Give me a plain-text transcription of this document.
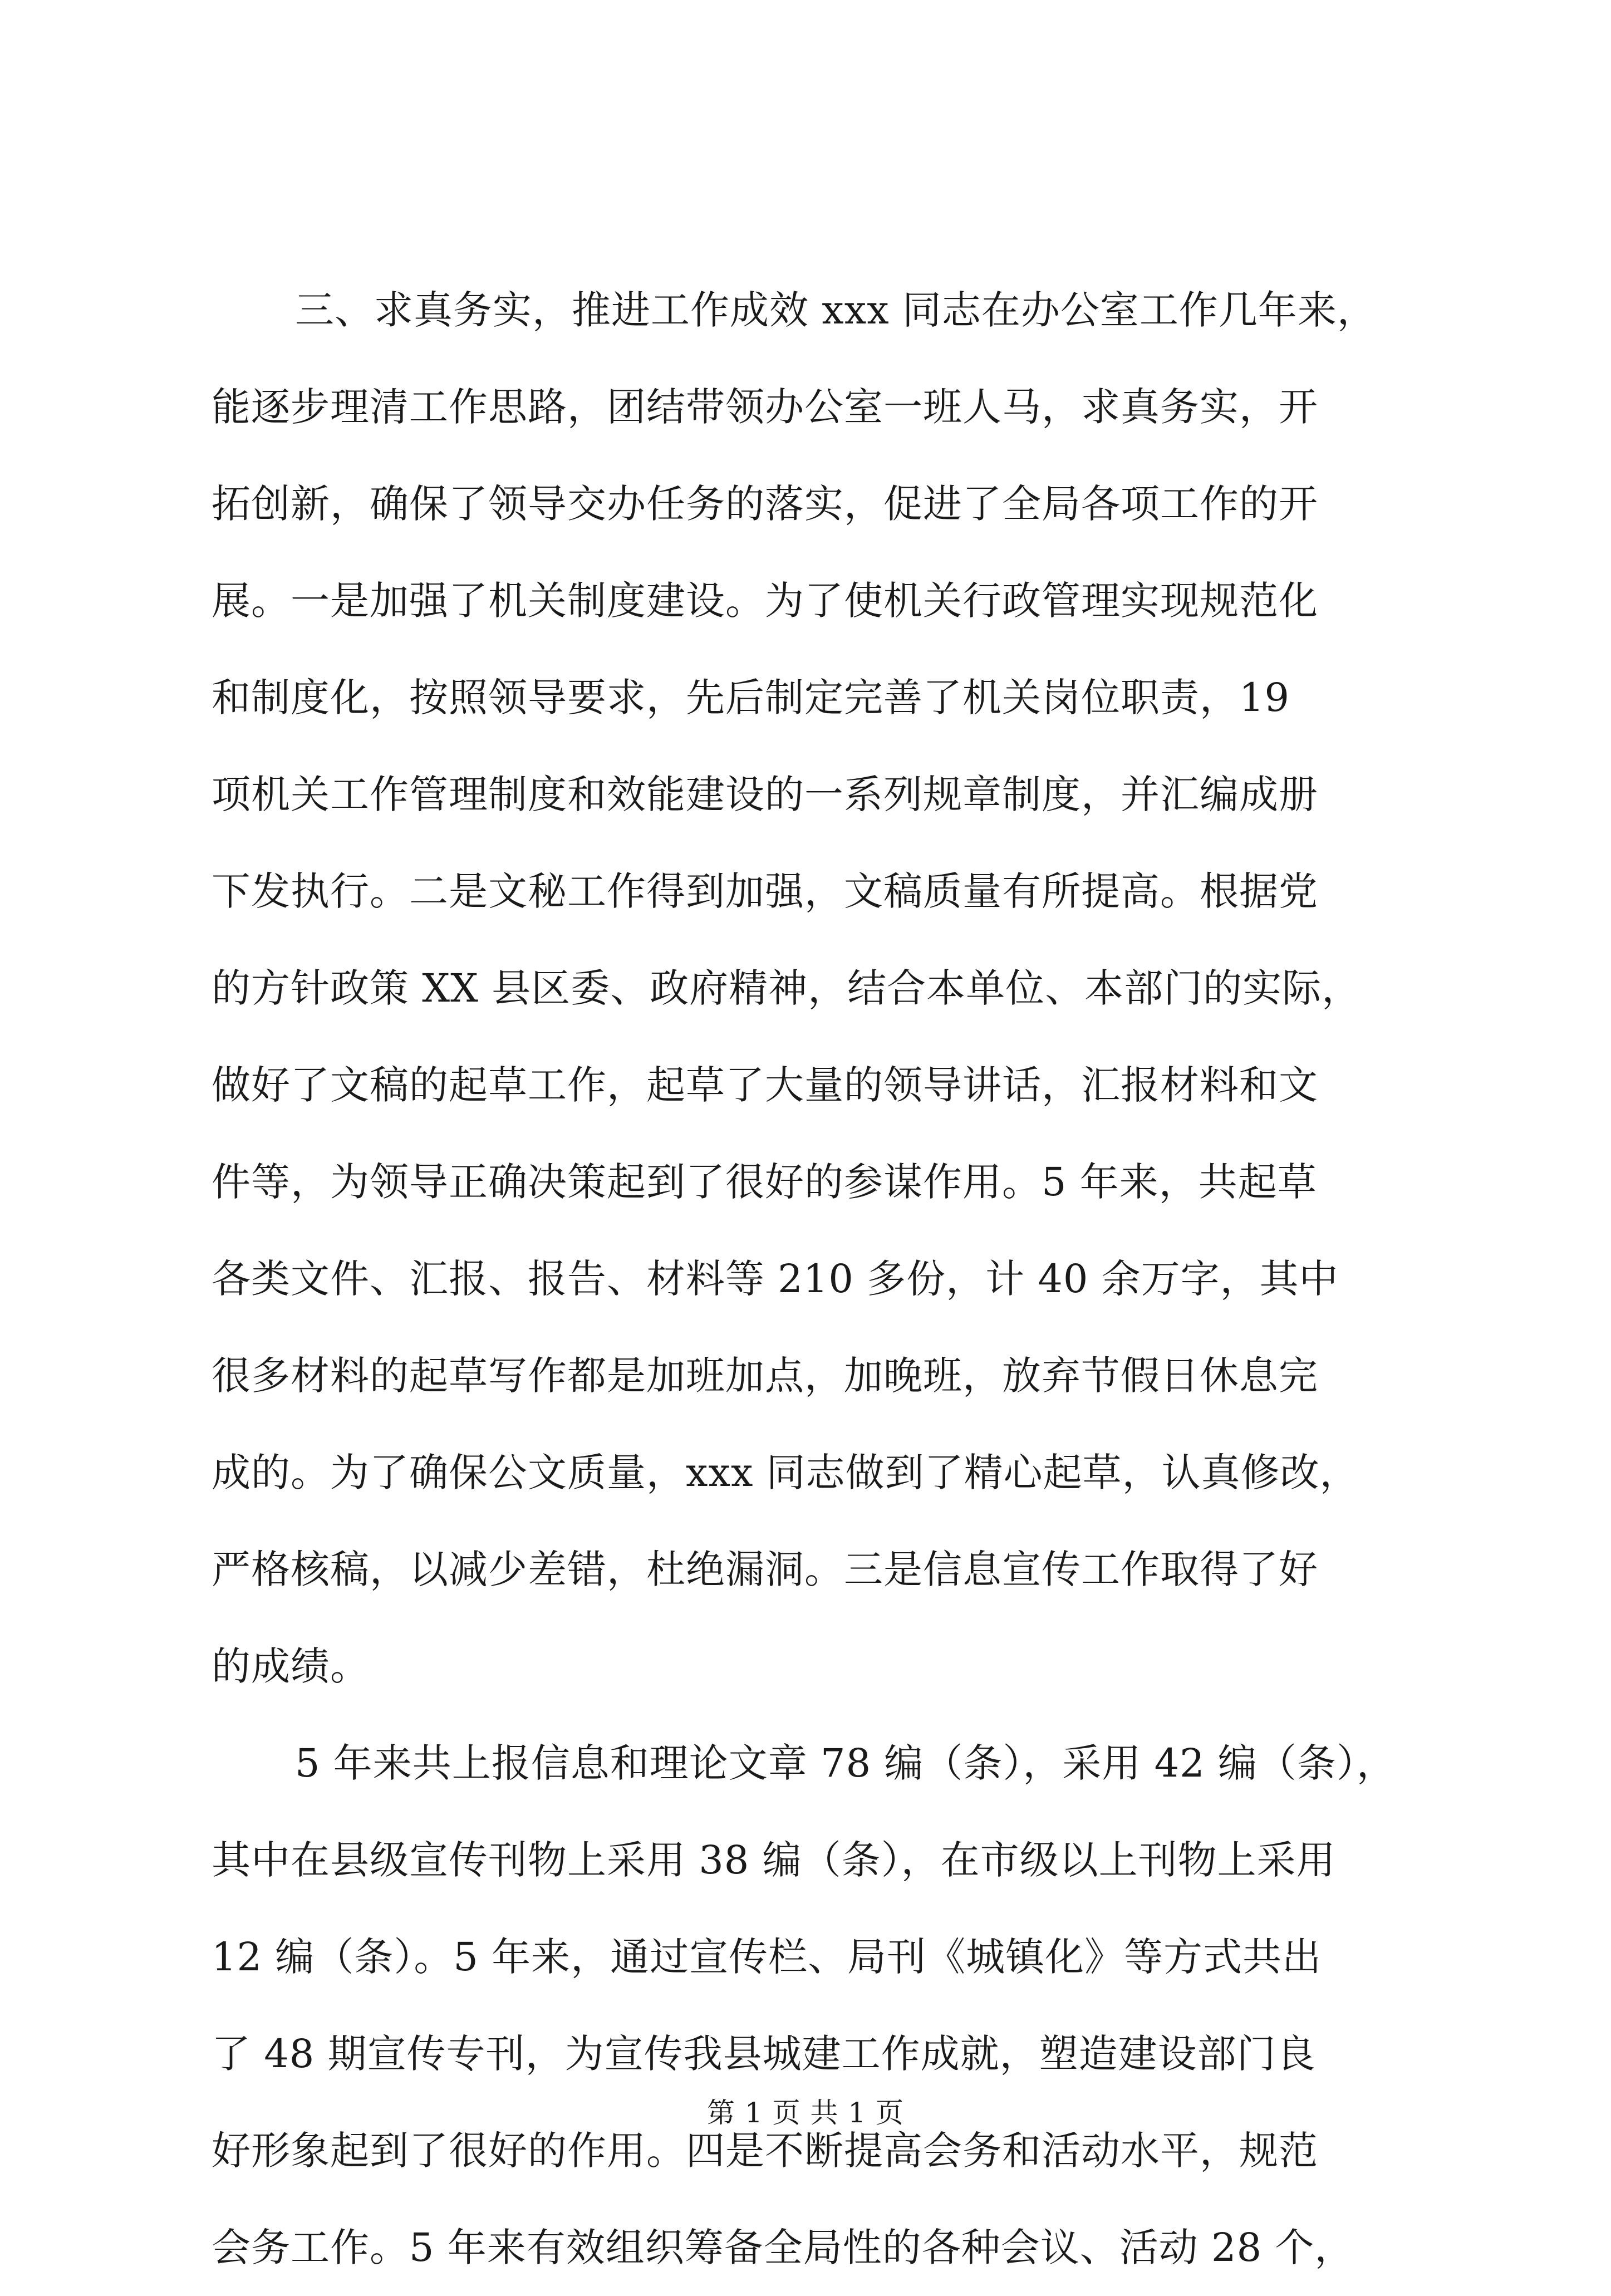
三、求真务实，推进工作成效 xxx 同志在办公室工作几年来，
能逐步理清工作思路，团结带领办公室一班人马，求真务实，开
拓创新，确保了领导交办任务的落实，促进了全局各项工作的开
展。一是加强了机关制度建设。为了使机关行政管理实现规范化
和制度化，按照领导要求，先后制定完善了机关岗位职责，19
项机关工作管理制度和效能建设的一系列规章制度，并汇编成册
下发执行。二是文秘工作得到加强，文稿质量有所提高。根据党
的方针政策 XX 县区委、政府精神，结合本单位、本部门的实际，
做好了文稿的起草工作，起草了大量的领导讲话，汇报材料和文
件等，为领导正确决策起到了很好的参谋作用。5 年来，共起草
各类文件、汇报、报告、材料等 210 多份，计 40 余万字，其中
很多材料的起草写作都是加班加点，加晚班，放弃节假日休息完
成的。为了确保公文质量，xxx 同志做到了精心起草，认真修改，
严格核稿，以减少差错，杜绝漏洞。三是信息宣传工作取得了好
的成绩。
5 年来共上报信息和理论文章 78 编（条），采用 42 编（条），
其中在县级宣传刊物上采用 38 编（条），在市级以上刊物上采用
12 编（条）。5 年来，通过宣传栏、局刊《城镇化》等方式共出
了 48 期宣传专刊，为宣传我县城建工作成就，塑造建设部门良
好形象起到了很好的作用。四是不断提高会务和活动水平，规范
会务工作。5 年来有效组织筹备全局性的各种会议、活动 28 个，
第 1 页 共 1 页
